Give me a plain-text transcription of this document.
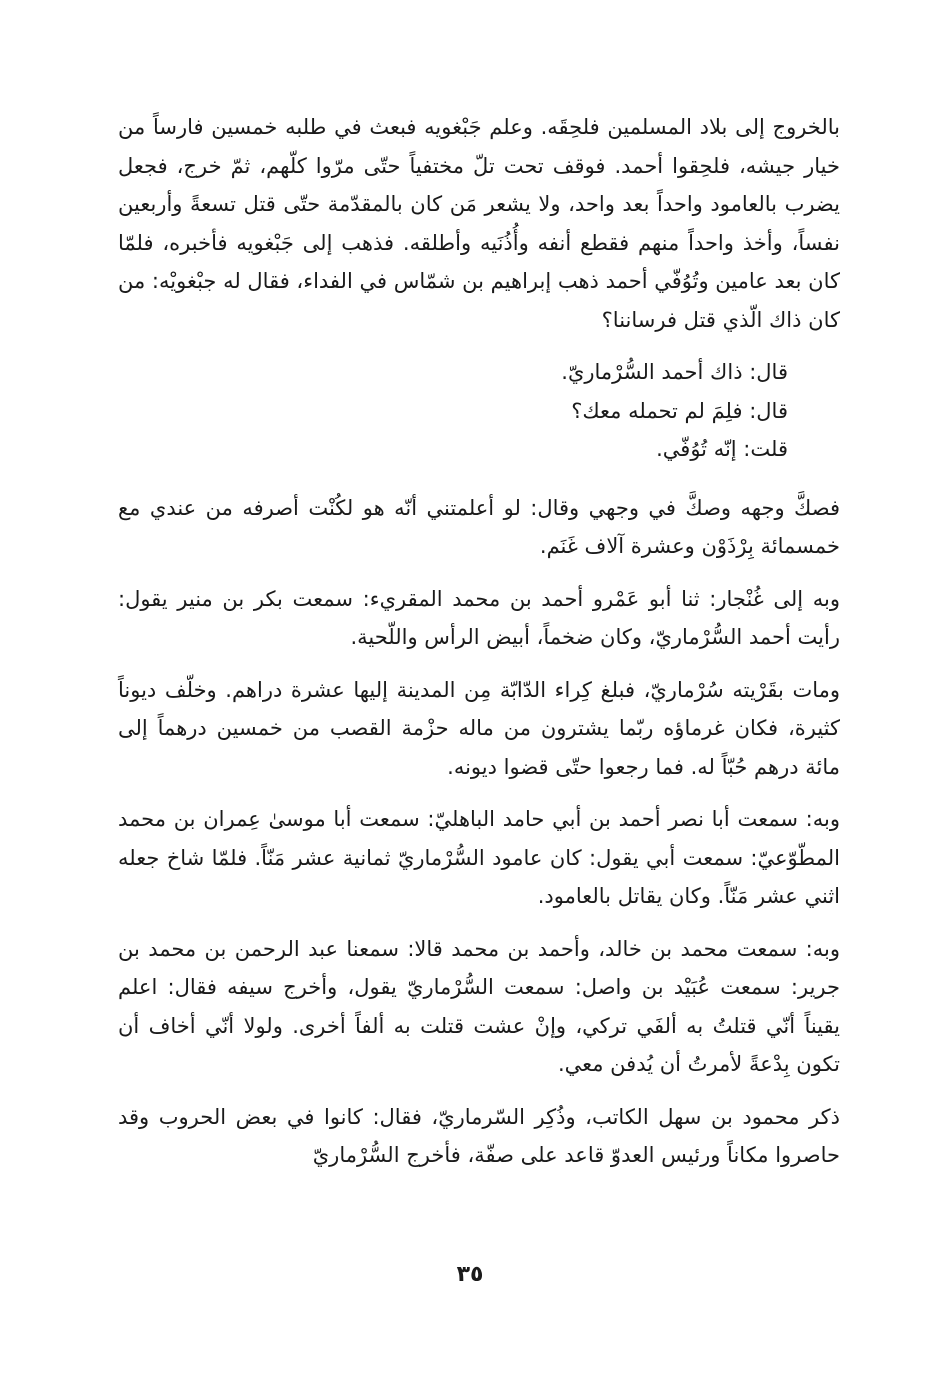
بالخروج إلى بلاد المسلمين فلحِقَه. وعلم جَبْغويه فبعث في طلبه خمسين فارساً من خيار جيشه، فلحِقوا أحمد. فوقف تحت تلّ مختفياً حتّى مرّوا كلّهم، ثمّ خرج، فجعل يضرب بالعامود واحداً بعد واحد، ولا يشعر مَن كان بالمقدّمة حتّى قتل تسعةً وأربعين نفساً، وأخذ واحداً منهم فقطع أنفه وأُذُنَيه وأطلقه. فذهب إلى جَبْغويه فأخبره، فلمّا كان بعد عامين وتُوُفّي أحمد ذهب إبراهيم بن شمّاس في الفداء، فقال له جبْغويْه: من كان ذاك الّذي قتل فرساننا؟

قال: ذاك أحمد السُّرْماريّ.
قال: فلِمَ لم تحمله معك؟
قلت: إنّه تُوُفّي.

فصكَّ وجهه وصكَّ في وجهي وقال: لو أعلمتني أنّه هو لكُنْت أصرفه من عندي مع خمسمائة بِرْذَوْن وعشرة آلاف غَنَم.

وبه إلى غُنْجار: ثنا أبو عَمْرو أحمد بن محمد المقريء: سمعت بكر بن منير يقول: رأيت أحمد السُّرْماريّ، وكان ضخماً، أبيض الرأس واللّحية.

ومات بقَرْيته سُرْماريّ، فبلغ كِراء الدّابّة مِن المدينة إليها عشرة دراهم. وخلّف ديوناً كثيرة، فكان غرماؤه ربّما يشترون من ماله حزْمة القصب من خمسين درهماً إلى مائة درهم حُبّاً له. فما رجعوا حتّى قضوا ديونه.

وبه: سمعت أبا نصر أحمد بن أبي حامد الباهليّ: سمعت أبا موسىٰ عِمران بن محمد المطّوّعيّ: سمعت أبي يقول: كان عامود السُّرْماريّ ثمانية عشر مَنّاً. فلمّا شاخ جعله اثني عشر مَنّاً. وكان يقاتل بالعامود.

وبه: سمعت محمد بن خالد، وأحمد بن محمد قالا: سمعنا عبد الرحمن بن محمد بن جرير: سمعت عُبَيْد بن واصل: سمعت السُّرْماريّ يقول، وأخرج سيفه فقال: اعلم يقيناً أنّي قتلتُ به ألفَي تركي، وإنْ عشت قتلت به ألفاً أخرى. ولولا أنّي أخاف أن تكون بِدْعةً لأمرتُ أن يُدفن معي.

ذكر محمود بن سهل الكاتب، وذُكِر السّرماريّ، فقال: كانوا في بعض الحروب وقد حاصروا مكاناً ورئيس العدوّ قاعد على صفّة، فأخرج السُّرْماريّ

٣٥
